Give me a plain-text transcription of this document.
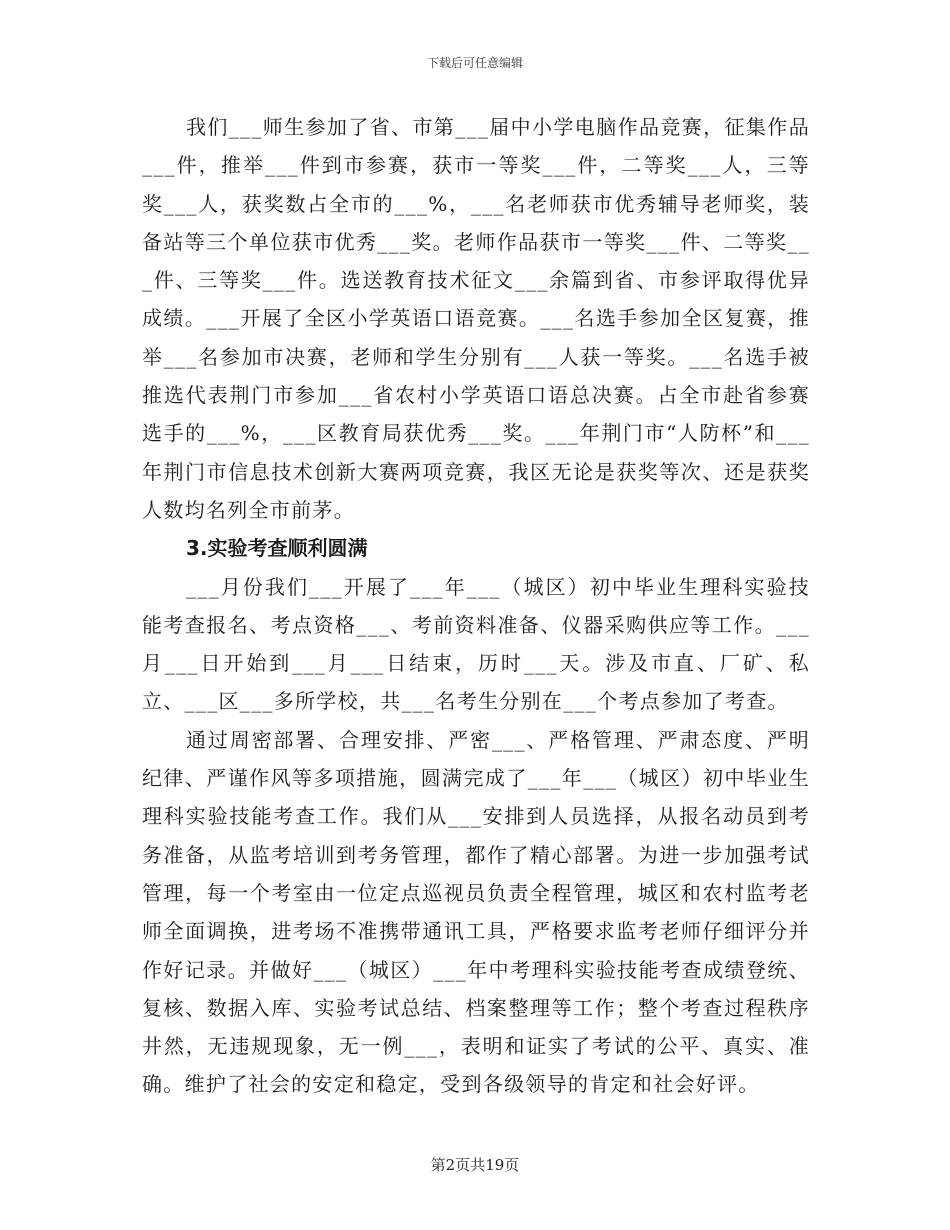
下载后可任意编辑

我们___师生参加了省、市第___届中小学电脑作品竞赛，征集作品___件，推举___件到市参赛，获市一等奖___件，二等奖___人，三等奖___人，获奖数占全市的___%，___名老师获市优秀辅导老师奖，装备站等三个单位获市优秀___奖。老师作品获市一等奖___件、二等奖___件、三等奖___件。选送教育技术征文___余篇到省、市参评取得优异成绩。___开展了全区小学英语口语竞赛。___名选手参加全区复赛，推举___名参加市决赛，老师和学生分别有___人获一等奖。___名选手被推选代表荆门市参加___省农村小学英语口语总决赛。占全市赴省参赛选手的___%，___区教育局获优秀___奖。___年荆门市“人防杯”和___年荆门市信息技术创新大赛两项竞赛，我区无论是获奖等次、还是获奖人数均名列全市前茅。

3.实验考查顺利圆满

___月份我们___开展了___年___（城区）初中毕业生理科实验技能考查报名、考点资格___、考前资料准备、仪器采购供应等工作。___月___日开始到___月___日结束，历时___天。涉及市直、厂矿、私立、___区___多所学校，共___名考生分别在___个考点参加了考查。

通过周密部署、合理安排、严密___、严格管理、严肃态度、严明纪律、严谨作风等多项措施，圆满完成了___年___（城区）初中毕业生理科实验技能考查工作。我们从___安排到人员选择，从报名动员到考务准备，从监考培训到考务管理，都作了精心部署。为进一步加强考试管理，每一个考室由一位定点巡视员负责全程管理，城区和农村监考老师全面调换，进考场不准携带通讯工具，严格要求监考老师仔细评分并作好记录。并做好___（城区）___年中考理科实验技能考查成绩登统、复核、数据入库、实验考试总结、档案整理等工作；整个考查过程秩序井然，无违规现象，无一例___，表明和证实了考试的公平、真实、准确。维护了社会的安定和稳定，受到各级领导的肯定和社会好评。

第2页共19页
